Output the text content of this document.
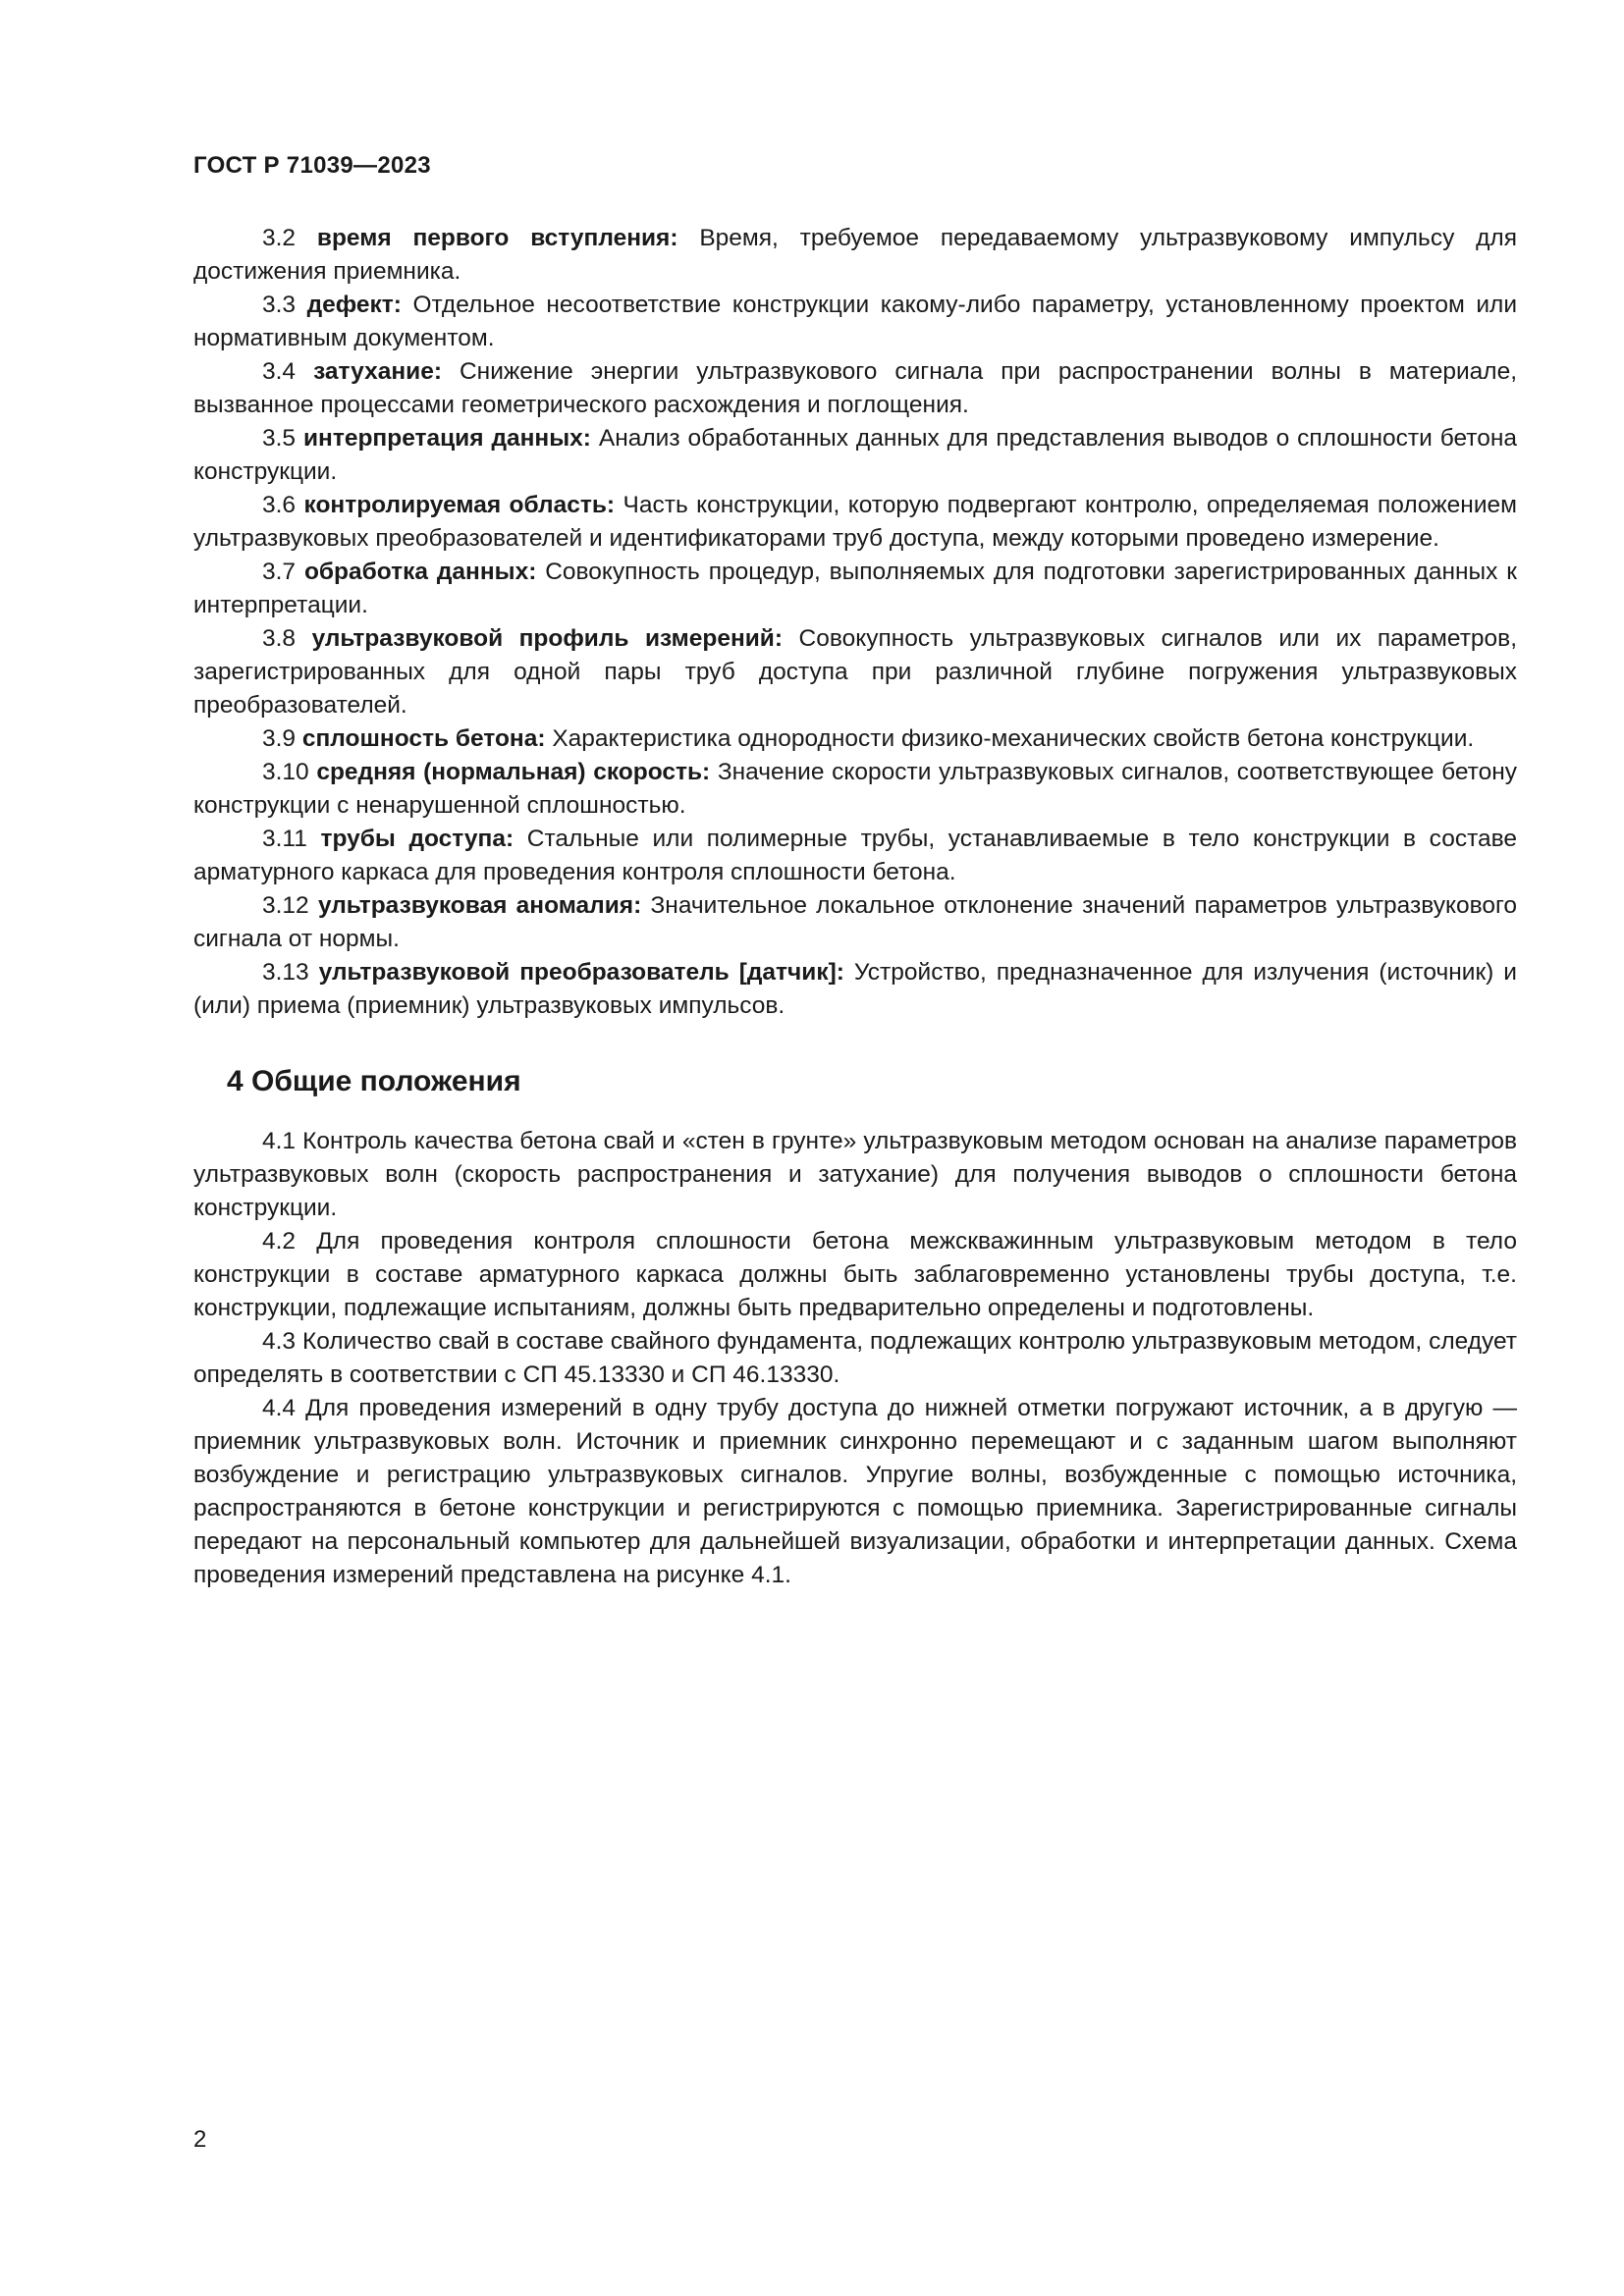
ГОСТ Р 71039—2023

3.2 время первого вступления: Время, требуемое передаваемому ультразвуковому импульсу для достижения приемника.

3.3 дефект: Отдельное несоответствие конструкции какому-либо параметру, установленному проектом или нормативным документом.

3.4 затухание: Снижение энергии ультразвукового сигнала при распространении волны в материале, вызванное процессами геометрического расхождения и поглощения.

3.5 интерпретация данных: Анализ обработанных данных для представления выводов о сплошности бетона конструкции.

3.6 контролируемая область: Часть конструкции, которую подвергают контролю, определяемая положением ультразвуковых преобразователей и идентификаторами труб доступа, между которыми проведено измерение.

3.7 обработка данных: Совокупность процедур, выполняемых для подготовки зарегистрированных данных к интерпретации.

3.8 ультразвуковой профиль измерений: Совокупность ультразвуковых сигналов или их параметров, зарегистрированных для одной пары труб доступа при различной глубине погружения ультразвуковых преобразователей.

3.9 сплошность бетона: Характеристика однородности физико-механических свойств бетона конструкции.

3.10 средняя (нормальная) скорость: Значение скорости ультразвуковых сигналов, соответствующее бетону конструкции с ненарушенной сплошностью.

3.11 трубы доступа: Стальные или полимерные трубы, устанавливаемые в тело конструкции в составе арматурного каркаса для проведения контроля сплошности бетона.

3.12 ультразвуковая аномалия: Значительное локальное отклонение значений параметров ультразвукового сигнала от нормы.

3.13 ультразвуковой преобразователь [датчик]: Устройство, предназначенное для излучения (источник) и (или) приема (приемник) ультразвуковых импульсов.

4 Общие положения

4.1 Контроль качества бетона свай и «стен в грунте» ультразвуковым методом основан на анализе параметров ультразвуковых волн (скорость распространения и затухание) для получения выводов о сплошности бетона конструкции.

4.2 Для проведения контроля сплошности бетона межскважинным ультразвуковым методом в тело конструкции в составе арматурного каркаса должны быть заблаговременно установлены трубы доступа, т.е. конструкции, подлежащие испытаниям, должны быть предварительно определены и подготовлены.

4.3 Количество свай в составе свайного фундамента, подлежащих контролю ультразвуковым методом, следует определять в соответствии с СП 45.13330 и СП 46.13330.

4.4 Для проведения измерений в одну трубу доступа до нижней отметки погружают источник, а в другую — приемник ультразвуковых волн. Источник и приемник синхронно перемещают и с заданным шагом выполняют возбуждение и регистрацию ультразвуковых сигналов. Упругие волны, возбужденные с помощью источника, распространяются в бетоне конструкции и регистрируются с помощью приемника. Зарегистрированные сигналы передают на персональный компьютер для дальнейшей визуализации, обработки и интерпретации данных. Схема проведения измерений представлена на рисунке 4.1.

2
